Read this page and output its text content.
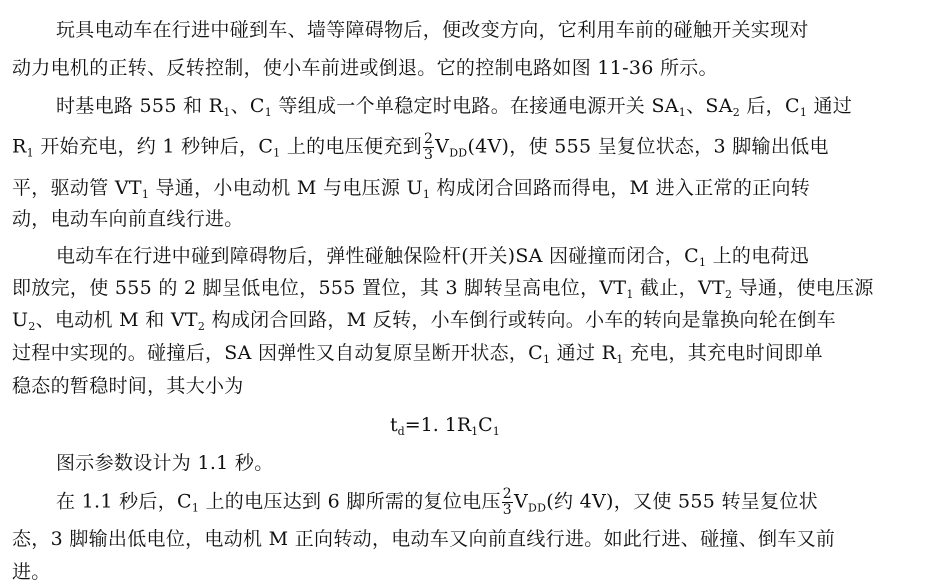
玩具电动车在行进中碰到车、墙等障碍物后，便改变方向，它利用车前的碰触开关实现对
动力电机的正转、反转控制，使小车前进或倒退。它的控制电路如图 11-36 所示。
时基电路 555 和 $R_1$、$C_1$ 等组成一个单稳定时电路。在接通电源开关 $SA_1$、$SA_2$ 后，$C_1$ 通过
$R_1$ 开始充电，约 1 秒钟后，$C_1$ 上的电压便充到 $\frac{2}{3} V_{DD}(4V)$，使 555 呈复位状态，3 脚输出低电
平，驱动管 $VT_1$ 导通，小电动机 M 与电压源 $U_1$ 构成闭合回路而得电，M 进入正常的正向转
动，电动车向前直线行进。
电动车在行进中碰到障碍物后，弹性碰触保险杆(开关)SA 因碰撞而闭合，$C_1$ 上的电荷迅
即放完，使 555 的 2 脚呈低电位，555 置位，其 3 脚转呈高电位，$VT_1$ 截止，$VT_2$ 导通，使电压源
$U_2$、电动机 M 和 $VT_2$ 构成闭合回路，M 反转，小车倒行或转向。小车的转向是靠换向轮在倒车
过程中实现的。碰撞后，SA 因弹性又自动复原呈断开状态，$C_1$ 通过 $R_1$ 充电，其充电时间即单
稳态的暂稳时间，其大小为
$t_d=1$. $1R_1C_1$
图示参数设计为 1.1 秒。
在 1.1 秒后，$C_1$ 上的电压达到 6 脚所需的复位电压 $\frac{2}{3} V_{DD}$(约 4V)，又使 555 转呈复位状
态，3 脚输出低电位，电动机 M 正向转动，电动车又向前直线行进。如此行进、碰撞、倒车又前
进。
